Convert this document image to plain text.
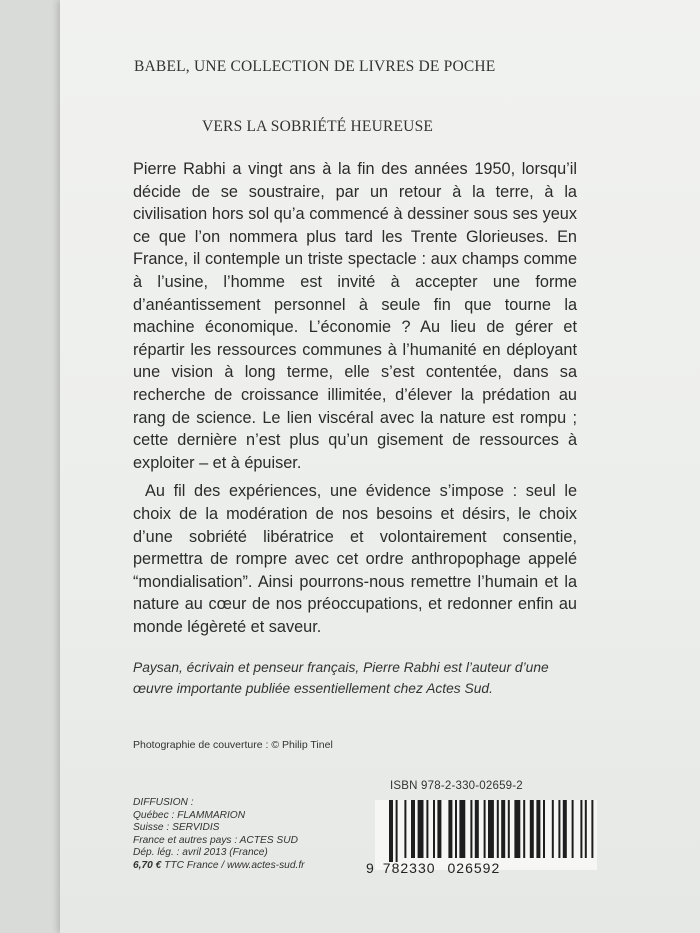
BABEL, UNE COLLECTION DE LIVRES DE POCHE
VERS LA SOBRIÉTÉ HEUREUSE

Pierre Rabhi a vingt ans à la fin des années 1950, lorsqu’il décide de se soustraire, par un retour à la terre, à la civilisation hors sol qu’a commencé à dessiner sous ses yeux ce que l’on nommera plus tard les Trente Glorieuses. En France, il contemple un triste spectacle : aux champs comme à l’usine, l’homme est invité à accepter une forme d’anéantissement personnel à seule fin que tourne la machine économique. L’économie ? Au lieu de gérer et répartir les ressources communes à l’humanité en déployant une vision à long terme, elle s’est contentée, dans sa recherche de croissance illimitée, d’élever la prédation au rang de science. Le lien viscéral avec la nature est rompu ; cette dernière n’est plus qu’un gisement de ressources à exploiter – et à épuiser.

Au fil des expériences, une évidence s’impose : seul le choix de la modération de nos besoins et désirs, le choix d’une sobriété libératrice et volontairement consentie, permettra de rompre avec cet ordre anthropophage appelé “mondialisation”. Ainsi pourrons-nous remettre l’humain et la nature au cœur de nos préoccupations, et redonner enfin au monde légèreté et saveur.

Paysan, écrivain et penseur français, Pierre Rabhi est l’auteur d’une œuvre importante publiée essentiellement chez Actes Sud.
Photographie de couverture : © Philip Tinel
ISBN 978-2-330-02659-2
DIFFUSION :
Québec : FLAMMARION
Suisse : SERVIDIS
France et autres pays : ACTES SUD
Dép. lég. : avril 2013 (France)
6,70 € TTC France / www.actes-sud.fr	9 782330 026592
